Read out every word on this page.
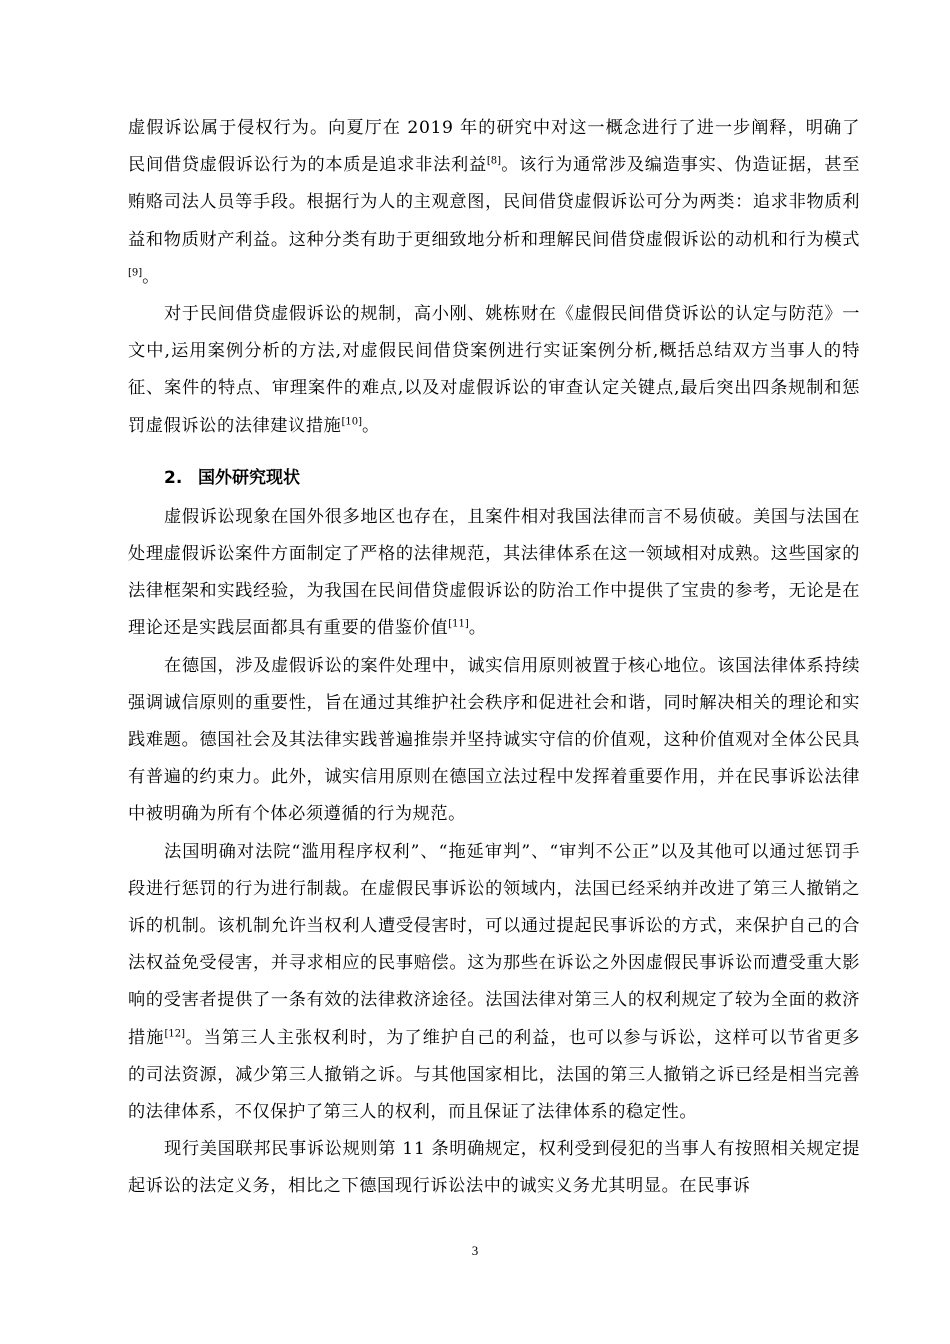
虚假诉讼属于侵权行为。向夏厅在 2019 年的研究中对这一概念进行了进一步阐释，明确了民间借贷虚假诉讼行为的本质是追求非法利益[8]。该行为通常涉及编造事实、伪造证据，甚至贿赂司法人员等手段。根据行为人的主观意图，民间借贷虚假诉讼可分为两类：追求非物质利益和物质财产利益。这种分类有助于更细致地分析和理解民间借贷虚假诉讼的动机和行为模式[9]。

对于民间借贷虚假诉讼的规制，高小刚、姚栋财在《虚假民间借贷诉讼的认定与防范》一文中,运用案例分析的方法,对虚假民间借贷案例进行实证案例分析,概括总结双方当事人的特征、案件的特点、审理案件的难点,以及对虚假诉讼的审查认定关键点,最后突出四条规制和惩罚虚假诉讼的法律建议措施[10]。

2. 国外研究现状

虚假诉讼现象在国外很多地区也存在，且案件相对我国法律而言不易侦破。美国与法国在处理虚假诉讼案件方面制定了严格的法律规范，其法律体系在这一领域相对成熟。这些国家的法律框架和实践经验，为我国在民间借贷虚假诉讼的防治工作中提供了宝贵的参考，无论是在理论还是实践层面都具有重要的借鉴价值[11]。

在德国，涉及虚假诉讼的案件处理中，诚实信用原则被置于核心地位。该国法律体系持续强调诚信原则的重要性，旨在通过其维护社会秩序和促进社会和谐，同时解决相关的理论和实践难题。德国社会及其法律实践普遍推崇并坚持诚实守信的价值观，这种价值观对全体公民具有普遍的约束力。此外，诚实信用原则在德国立法过程中发挥着重要作用，并在民事诉讼法律中被明确为所有个体必须遵循的行为规范。

法国明确对法院“滥用程序权利”、“拖延审判”、“审判不公正”以及其他可以通过惩罚手段进行惩罚的行为进行制裁。在虚假民事诉讼的领域内，法国已经采纳并改进了第三人撤销之诉的机制。该机制允许当权利人遭受侵害时，可以通过提起民事诉讼的方式，来保护自己的合法权益免受侵害，并寻求相应的民事赔偿。这为那些在诉讼之外因虚假民事诉讼而遭受重大影响的受害者提供了一条有效的法律救济途径。法国法律对第三人的权利规定了较为全面的救济措施[12]。当第三人主张权利时，为了维护自己的利益，也可以参与诉讼，这样可以节省更多的司法资源，减少第三人撤销之诉。与其他国家相比，法国的第三人撤销之诉已经是相当完善的法律体系，不仅保护了第三人的权利，而且保证了法律体系的稳定性。

现行美国联邦民事诉讼规则第 11 条明确规定，权利受到侵犯的当事人有按照相关规定提起诉讼的法定义务，相比之下德国现行诉讼法中的诚实义务尤其明显。在民事诉

3
